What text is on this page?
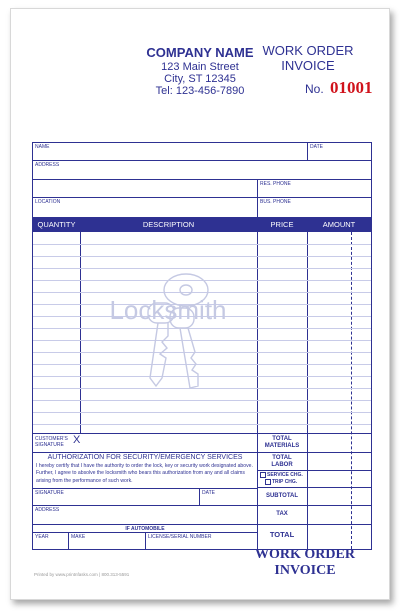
COMPANY NAME
123 Main Street
City, ST 12345
Tel: 123-456-7890
WORK ORDER
INVOICE
No. 01001
NAME	DATE
ADDRESS
RES. PHONE
LOCATION	BUS. PHONE
QUANTITY	DESCRIPTION	PRICE	AMOUNT
Locksmith
CUSTOMER'S
SIGNATURE X
AUTHORIZATION FOR SECURITY/EMERGENCY SERVICES
I hereby certify that I have the authority to order the lock, key or security work designated above. Further, I agree to absolve the locksmith who bears this authorization from any and all claims arising from the performance of such work.
SIGNATURE	DATE
ADDRESS
IF AUTOMOBILE
YEAR	MAKE	LICENSE/SERIAL NUMBER
TOTAL
MATERIALS
TOTAL
LABOR
SERVICE CHG.
TRIP CHG.
SUBTOTAL
TAX
TOTAL
WORK ORDER
INVOICE
Printed by www.printnfasks.com | 800.313-5591
